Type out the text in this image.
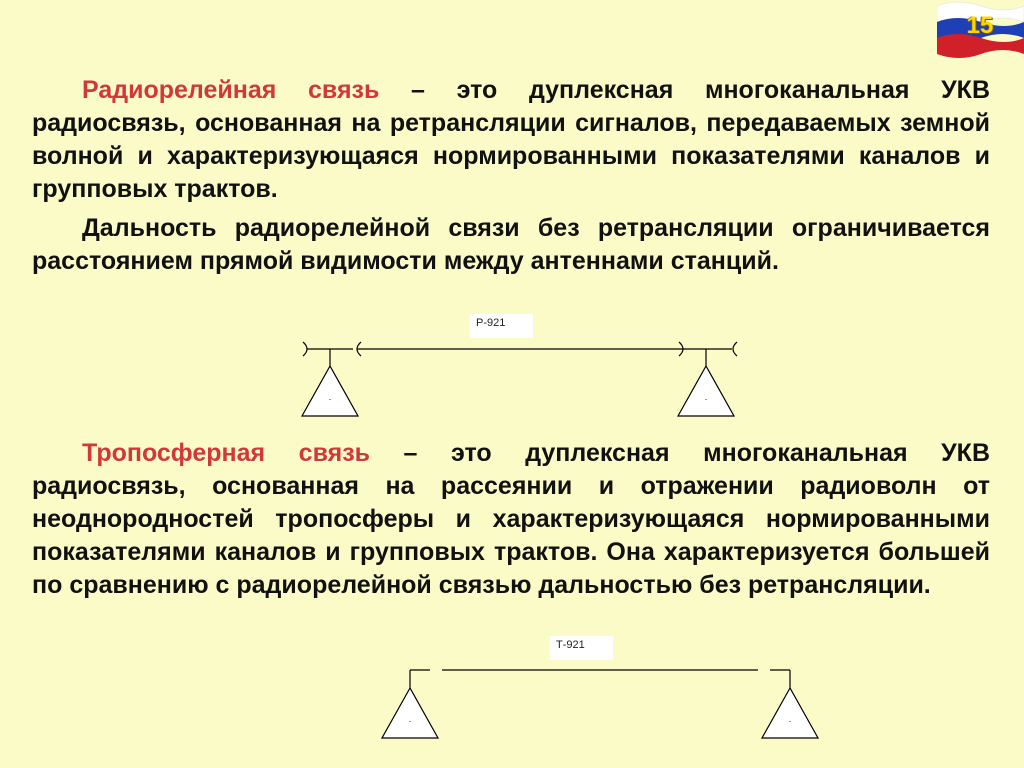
15

Радиорелейная связь – это дуплексная многоканальная УКВ радиосвязь, основанная на ретрансляции сигналов, передаваемых земной волной и характеризующаяся нормированными показателями каналов и групповых трактов.

Дальность радиорелейной связи без ретрансляции ограничивается расстоянием прямой видимости между антеннами станций.

·	·
Р-921

Тропосферная связь – это дуплексная многоканальная УКВ радиосвязь, основанная на рассеянии и отражении радиоволн от неоднородностей тропосферы и характеризующаяся нормированными показателями каналов и групповых трактов. Она характеризуется большей по сравнению с радиорелейной связью дальностью без ретрансляции.

·	·
Т-921
